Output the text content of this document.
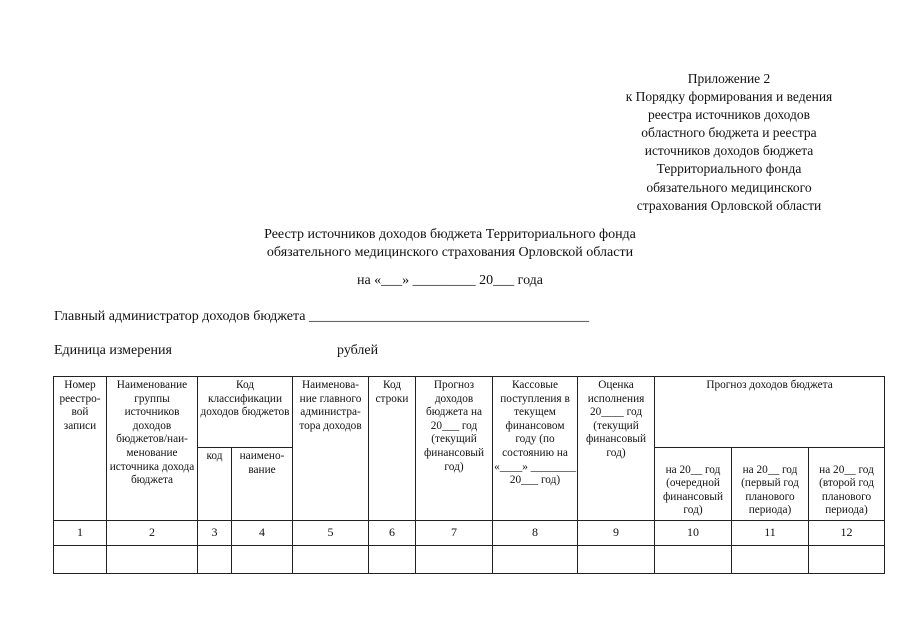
Приложение 2
к Порядку формирования и ведения
реестра источников доходов
областного бюджета и реестра
источников доходов бюджета
Территориального фонда
обязательного медицинского
страхования Орловской области
Реестр источников доходов бюджета Территориального фонда
обязательного медицинского страхования Орловской области
на «___» _________ 20___ года
Главный администратор доходов бюджета ________________________________________
Единица измерения	рублей
Номер реестро-вой записи	Наименование группы источников доходов бюджетов/наи-менование источника дохода бюджета	Код классификации доходов бюджетов		Наименова-ние главного администра-тора доходов	Код строки	Прогноз доходов бюджета на 20___ год (текущий финансовый год)	Кассовые поступления в текущем финансовом году (по состоянию на «____» ________ 20___ год)	Оценка исполнения 20____ год (текущий финансовый год)	Прогноз доходов бюджета		
		код	наимено-вание						на 20__ год (очередной финансовый год)	на 20__ год (первый год планового периода)	на 20__ год (второй год планового периода)
1	2	3	4	5	6	7	8	9	10	11	12
